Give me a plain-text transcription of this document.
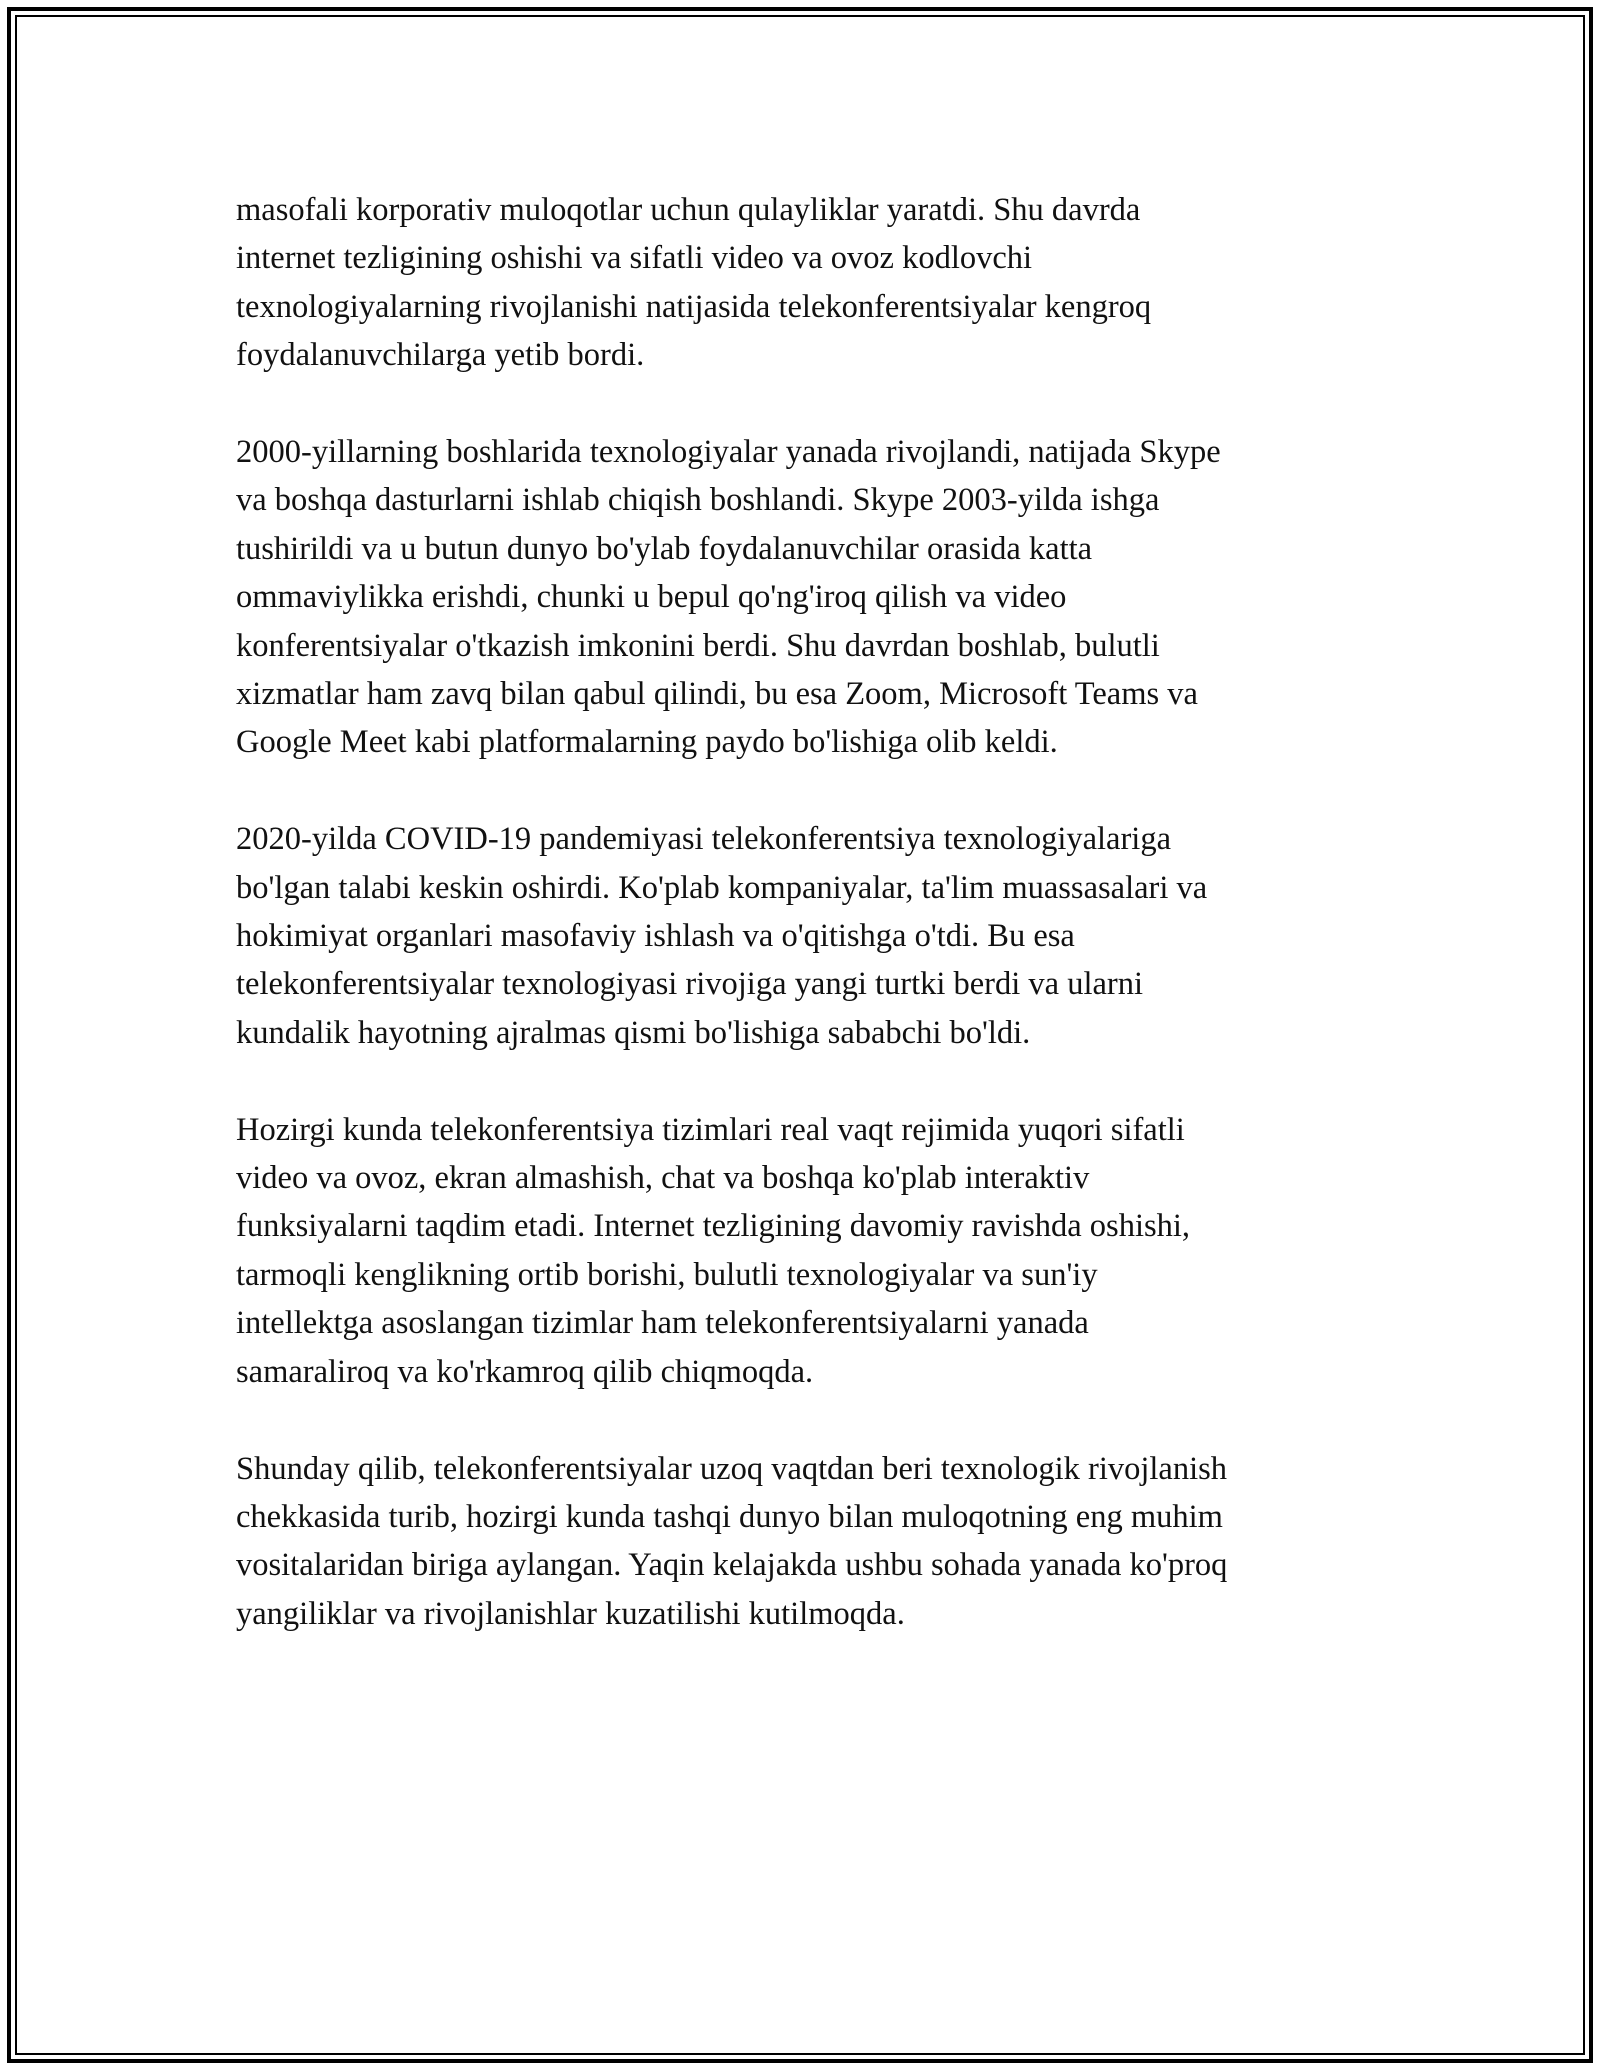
masofali korporativ muloqotlar uchun qulayliklar yaratdi. Shu davrda
internet tezligining oshishi va sifatli video va ovoz kodlovchi
texnologiyalarning rivojlanishi natijasida telekonferentsiyalar kengroq
foydalanuvchilarga yetib bordi.

2000-yillarning boshlarida texnologiyalar yanada rivojlandi, natijada Skype
va boshqa dasturlarni ishlab chiqish boshlandi. Skype 2003-yilda ishga
tushirildi va u butun dunyo bo'ylab foydalanuvchilar orasida katta
ommaviylikka erishdi, chunki u bepul qo'ng'iroq qilish va video
konferentsiyalar o'tkazish imkonini berdi. Shu davrdan boshlab, bulutli
xizmatlar ham zavq bilan qabul qilindi, bu esa Zoom, Microsoft Teams va
Google Meet kabi platformalarning paydo bo'lishiga olib keldi.

2020-yilda COVID-19 pandemiyasi telekonferentsiya texnologiyalariga
bo'lgan talabi keskin oshirdi. Ko'plab kompaniyalar, ta'lim muassasalari va
hokimiyat organlari masofaviy ishlash va o'qitishga o'tdi. Bu esa
telekonferentsiyalar texnologiyasi rivojiga yangi turtki berdi va ularni
kundalik hayotning ajralmas qismi bo'lishiga sababchi bo'ldi.

Hozirgi kunda telekonferentsiya tizimlari real vaqt rejimida yuqori sifatli
video va ovoz, ekran almashish, chat va boshqa ko'plab interaktiv
funksiyalarni taqdim etadi. Internet tezligining davomiy ravishda oshishi,
tarmoqli kenglikning ortib borishi, bulutli texnologiyalar va sun'iy
intellektga asoslangan tizimlar ham telekonferentsiyalarni yanada
samaraliroq va ko'rkamroq qilib chiqmoqda.

Shunday qilib, telekonferentsiyalar uzoq vaqtdan beri texnologik rivojlanish
chekkasida turib, hozirgi kunda tashqi dunyo bilan muloqotning eng muhim
vositalaridan biriga aylangan. Yaqin kelajakda ushbu sohada yanada ko'proq
yangiliklar va rivojlanishlar kuzatilishi kutilmoqda.
